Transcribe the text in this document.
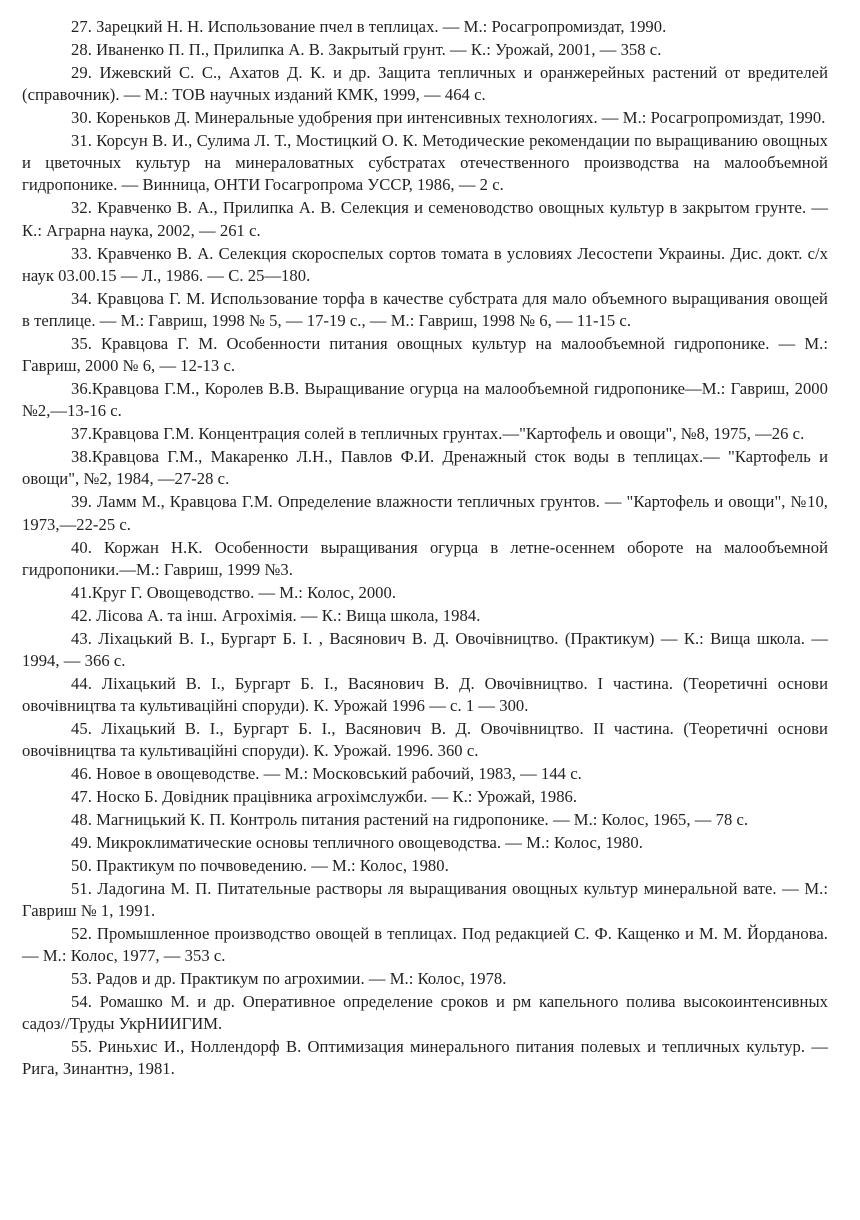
27. Зарецкий Н. Н. Использование пчел в теплицах. — М.: Росагропромиздат, 1990.

28. Иваненко П. П., Прилипка А. В. Закрытый грунт. — К.: Урожай, 2001, — 358 с.

29. Ижевский С. С., Ахатов Д. К. и др. Защита тепличных и оранжерейных растений от вредителей (справочник). — М.: ТОВ научных изданий КМК, 1999, — 464 с.

30. Кореньков Д. Минеральные удобрения при интенсивных технологиях. — М.: Росагропромиздат, 1990.

31. Корсун В. И., Сулима Л. Т., Мостицкий О. К. Методические рекомендации по выращиванию овощных и цветочных культур на минераловатных субстратах отечественного производства на малообъемной гидропонике. — Винница, ОНТИ Госагропрома УССР, 1986, — 2 с.

32. Кравченко В. А., Прилипка А. В. Селекция и семеноводство овощных культур в закрытом грунте. — К.: Аграрна наука, 2002, — 261 с.

33. Кравченко В. А. Селекция скороспелых сортов томата в условиях Лесостепи Украины. Дис. докт. с/х наук 03.00.15 — Л., 1986. — С. 25—180.

34. Кравцова Г. М. Использование торфа в качестве субстрата для мало объемного выращивания овощей в теплице. — М.: Гавриш, 1998 № 5, — 17-19 с., — М.: Гавриш, 1998 № 6, — 11-15 с.

35. Кравцова Г. М. Особенности питания овощных культур на малообъемной гидропонике. — М.: Гавриш, 2000 № 6, — 12-13 с.

36.Кравцова Г.М., Королев В.В. Выращивание огурца на малообъемной гидропонике—М.: Гавриш, 2000 №2,—13-16 с.

37.Кравцова Г.М. Концентрация солей в тепличных грунтах.—"Картофель и овощи", №8, 1975, —26 с.

38.Кравцова Г.М., Макаренко Л.Н., Павлов Ф.И. Дренажный сток воды в теплицах.— "Картофель и овощи", №2, 1984, —27-28 с.

39. Ламм М., Кравцова Г.М. Определение влажности тепличных грунтов. — "Картофель и овощи", №10, 1973,—22-25 с.

40. Коржан Н.К. Особенности выращивания огурца в летне-осеннем обороте на малообъемной гидропоники.—М.: Гавриш, 1999 №3.

41.Круг Г. Овощеводство. — М.: Колос, 2000.

42. Лісова А. та інш. Агрохімія. — К.: Вища школа, 1984.

43. Ліхацький В. І., Бургарт Б. І. , Васянович В. Д. Овочівництво. (Практикум) — К.: Вища школа. — 1994, — 366 с.

44. Ліхацький В. І., Бургарт Б. І., Васянович В. Д. Овочівництво. І частина. (Теоретичні основи овочівництва та культиваційні споруди). К. Урожай 1996 — с. 1 — 300.

45. Ліхацький В. І., Бургарт Б. І., Васянович В. Д. Овочівництво. ІІ частина. (Теоретичні основи овочівництва та культиваційні споруди). К. Урожай. 1996. 360 с.

46. Новое в овощеводстве. — М.: Московський рабочий, 1983, — 144 с.

47. Носко Б. Довідник працівника агрохімслужби. — К.: Урожай, 1986.

48. Магницький К. П. Контроль питания растений на гидропонике. — М.: Колос, 1965, — 78 с.

49. Микроклиматические основы тепличного овощеводства. — М.: Колос, 1980.

50. Практикум по почвоведению. — М.: Колос, 1980.

51. Ладогина М. П. Питательные растворы ля выращивания овощных культур минеральной вате. — М.: Гавриш № 1, 1991.

52. Промышленное производство овощей в теплицах. Под редакцией С. Ф. Кащенко и М. М. Йорданова. — М.: Колос, 1977, — 353 с.

53. Радов и др. Практикум по агрохимии. — М.: Колос, 1978.

54. Ромашко М. и др. Оперативное определение сроков и рм капельного полива высокоинтенсивных садоз//Труды УкрНИИГИМ.

55. Риньхис И., Ноллендорф В. Оптимизация минерального питания полевых и тепличных культур. — Рига, Зинантнэ, 1981.
